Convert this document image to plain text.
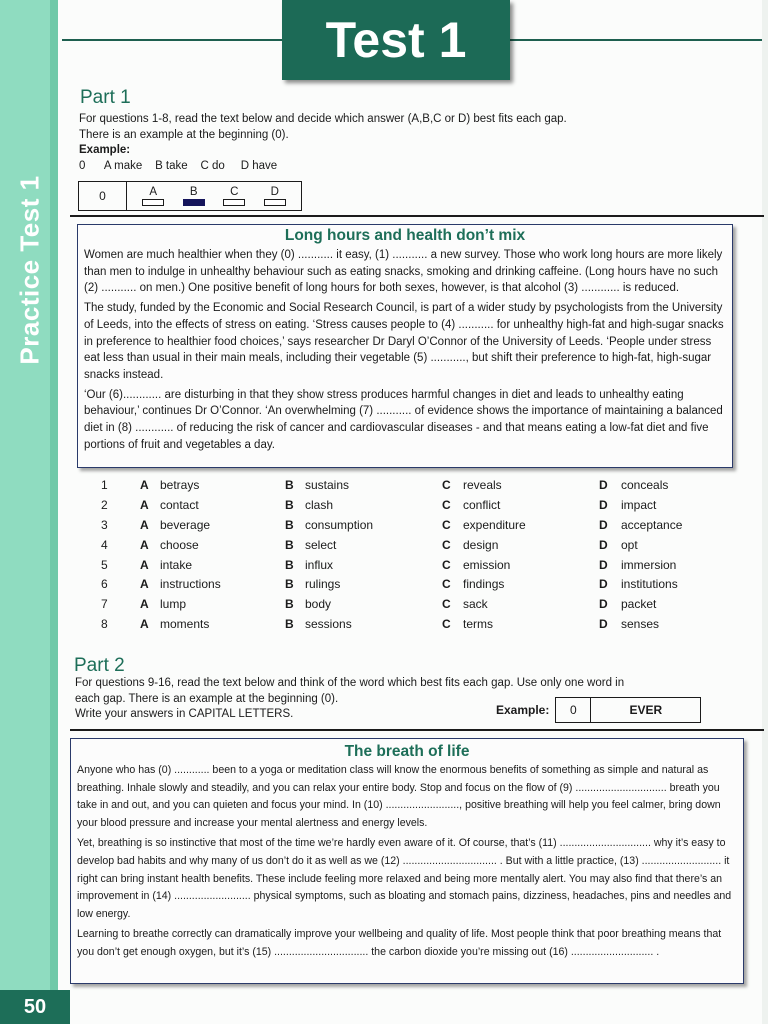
Practice Test 1
50
Test 1
Part 1
For questions 1-8, read the text below and decide which answer (A,B,C or D) best fits each gap.
There is an example at the beginning (0).
Example:
0      A make    B take    C do     D have
0	A	B	C	D
Long hours and health don’t mix

Women are much healthier when they (0) ........... it easy, (1) ........... a new survey. Those who work long hours are more likely than men to indulge in unhealthy behaviour such as eating snacks, smoking and drinking caffeine. (Long hours have no such (2) ........... on men.) One positive benefit of long hours for both sexes, however, is that alcohol (3) ............ is reduced.

The study, funded by the Economic and Social Research Council, is part of a wider study by psychologists from the University of Leeds, into the effects of stress on eating. ‘Stress causes people to (4) ........... for unhealthy high-fat and high-sugar snacks in preference to healthier food choices,’ says researcher Dr Daryl O’Connor of the University of Leeds. ‘People under stress eat less than usual in their main meals, including their vegetable (5) ..........., but shift their preference to high-fat, high-sugar snacks instead.

‘Our (6)............ are disturbing in that they show stress produces harmful changes in diet and leads to unhealthy eating behaviour,’ continues Dr O’Connor. ‘An overwhelming (7) ........... of evidence shows the importance of maintaining a balanced diet in (8) ............ of reducing the risk of cancer and cardiovascular diseases - and that means eating a low-fat diet and five portions of fruit and vegetables a day.

1	A betrays	B sustains	C reveals	D conceals
2	A contact	B clash	C conflict	D impact
3	A beverage	B consumption	C expenditure	D acceptance
4	A choose	B select	C design	D opt
5	A intake	B influx	C emission	D immersion
6	A instructions	B rulings	C findings	D institutions
7	A lump	B body	C sack	D packet
8	A moments	B sessions	C terms	D senses
Part 2
For questions 9-16, read the text below and think of the word which best fits each gap. Use only one word in
each gap. There is an example at the beginning (0).
Write your answers in CAPITAL LETTERS.	Example:	0	EVER
The breath of life

Anyone who has (0) ............ been to a yoga or meditation class will know the enormous benefits of something as simple and natural as breathing. Inhale slowly and steadily, and you can relax your entire body. Stop and focus on the flow of (9) ............................... breath you take in and out, and you can quieten and focus your mind. In (10) ........................., positive breathing will help you feel calmer, bring down your blood pressure and increase your mental alertness and energy levels.

Yet, breathing is so instinctive that most of the time we’re hardly even aware of it. Of course, that’s (11) ............................... why it’s easy to develop bad habits and why many of us don’t do it as well as we (12) ................................ . But with a little practice, (13) ........................... it right can bring instant health benefits. These include feeling more relaxed and being more mentally alert. You may also find that there’s an improvement in (14) .......................... physical symptoms, such as bloating and stomach pains, dizziness, headaches, pins and needles and low energy.

Learning to breathe correctly can dramatically improve your wellbeing and quality of life. Most people think that poor breathing means that you don’t get enough oxygen, but it’s (15) ................................ the carbon dioxide you’re missing out (16) ............................ .
